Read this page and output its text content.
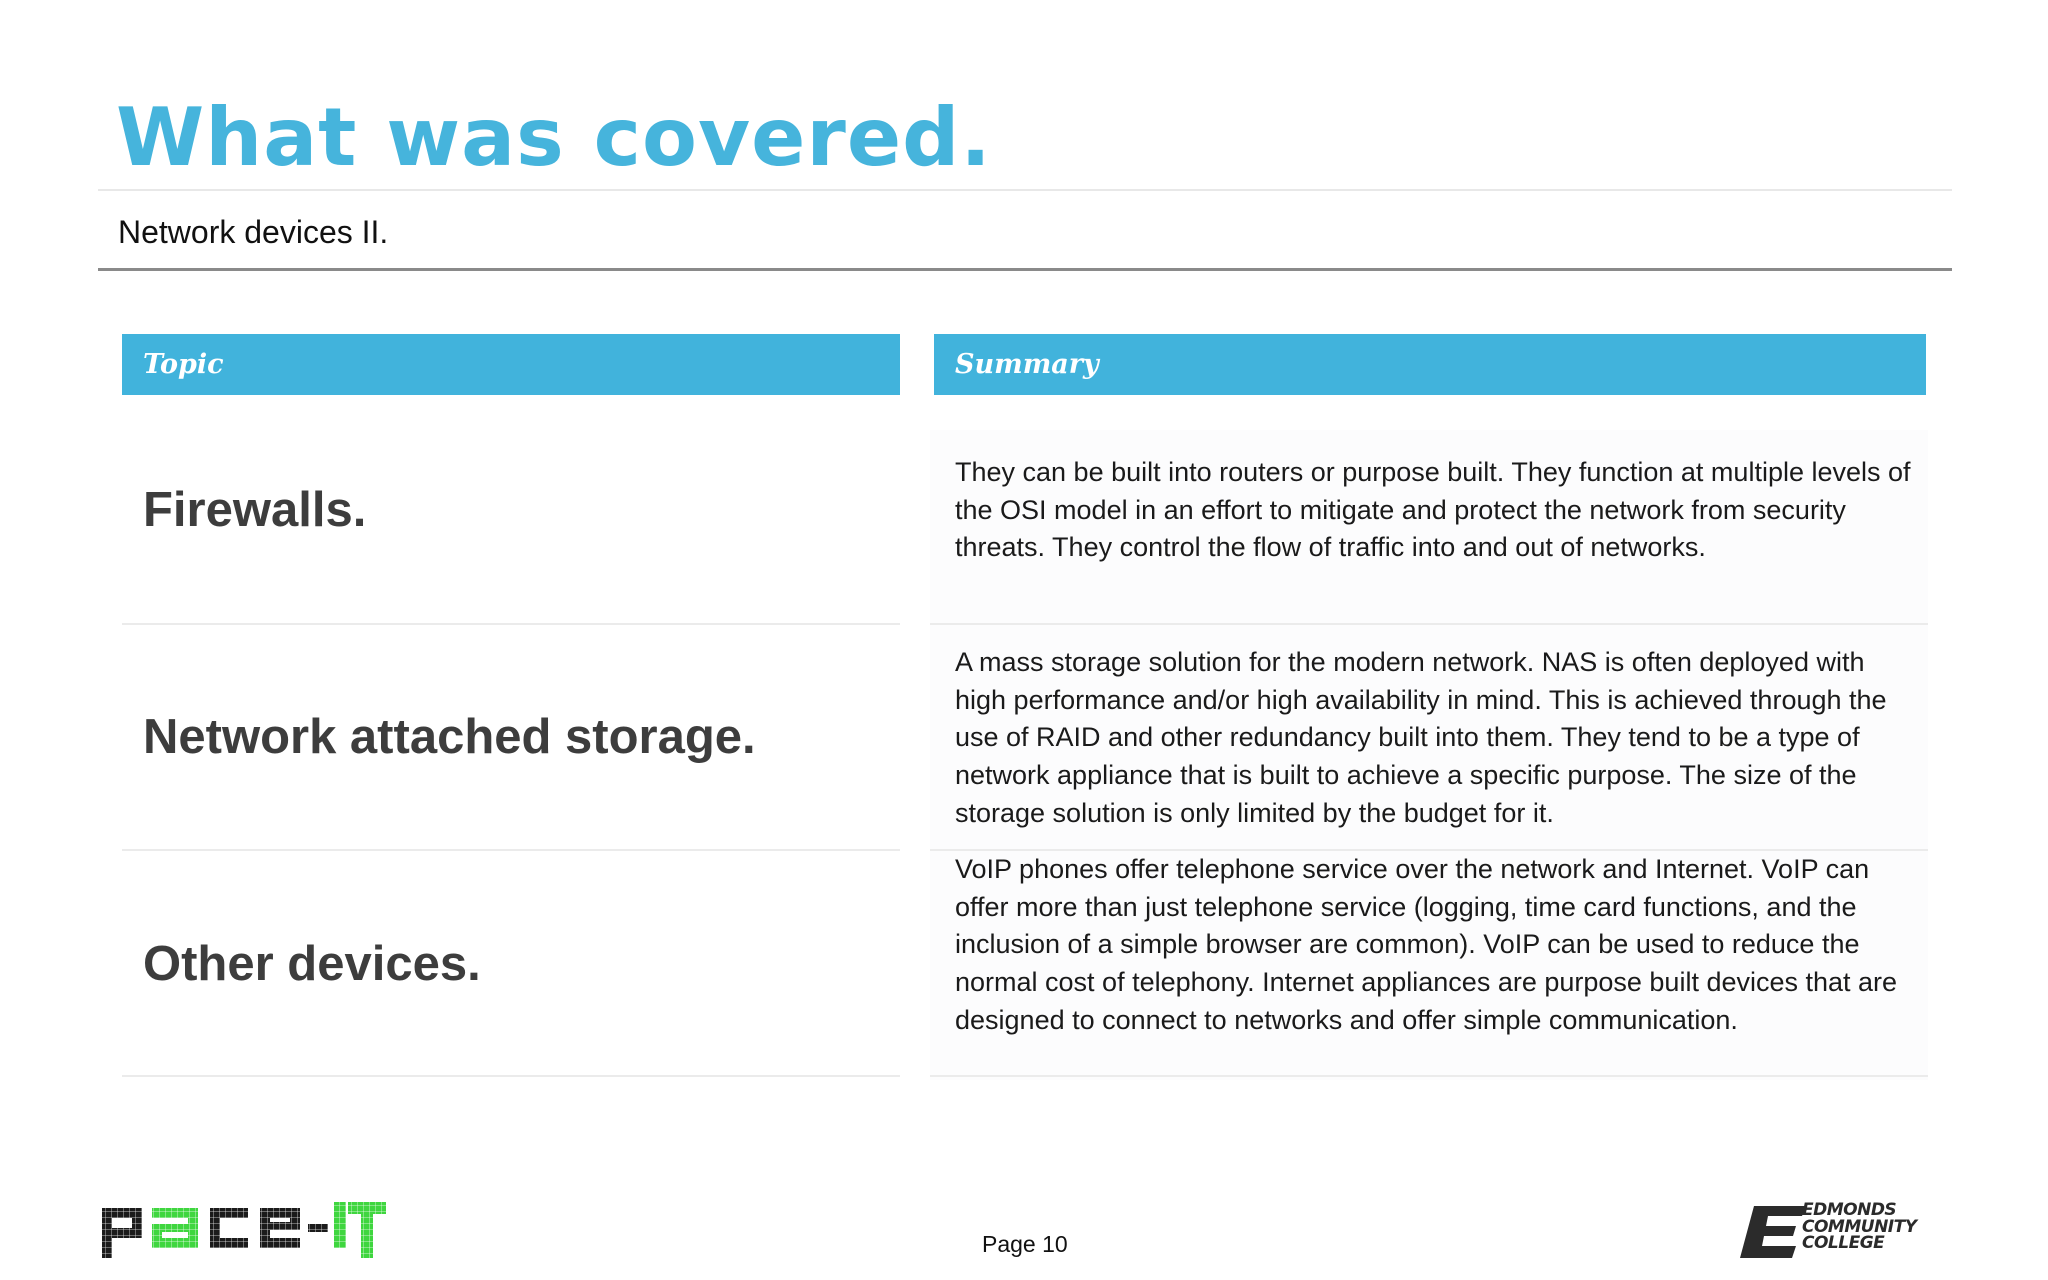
What was covered.
Network devices II.
Topic	Summary
Firewalls.
They can be built into routers or purpose built. They function at multiple levels of the OSI model in an effort to mitigate and protect the network from security threats. They control the flow of traffic into and out of networks.
Network attached storage.
A mass storage solution for the modern network. NAS is often deployed with high performance and/or high availability in mind. This is achieved through the use of RAID and other redundancy built into them. They tend to be a type of network appliance that is built to achieve a specific purpose. The size of the storage solution is only limited by the budget for it.
Other devices.
VoIP phones offer telephone service over the network and Internet. VoIP can offer more than just telephone service (logging, time card functions, and the inclusion of a simple browser are common). VoIP can be used to reduce the normal cost of telephony. Internet appliances are purpose built devices that are designed to connect to networks and offer simple communication.
Page 10
EDMONDS
COMMUNITY
COLLEGE
